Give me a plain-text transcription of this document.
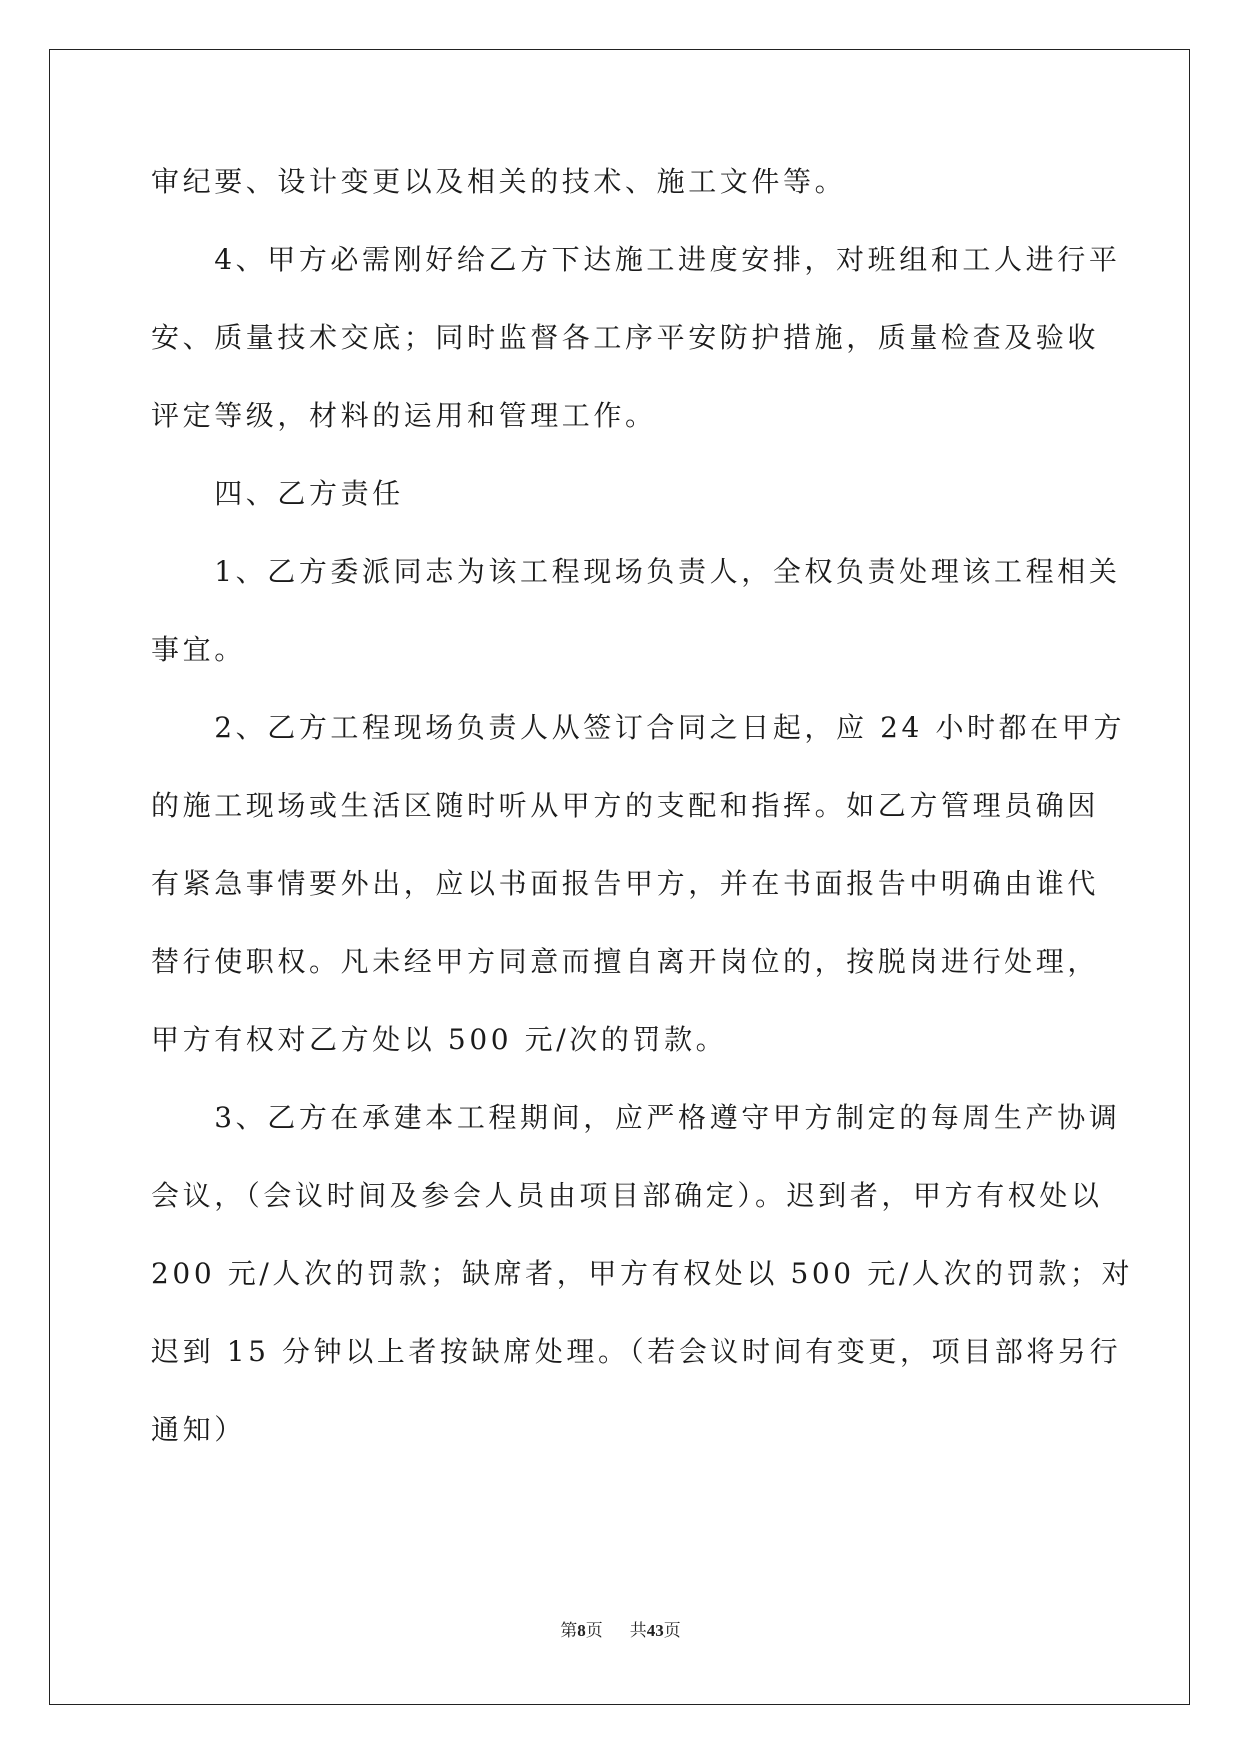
审纪要、设计变更以及相关的技术、施工文件等。
　　4、甲方必需刚好给乙方下达施工进度安排，对班组和工人进行平
安、质量技术交底；同时监督各工序平安防护措施，质量检查及验收
评定等级，材料的运用和管理工作。
　　四、乙方责任
　　1、乙方委派同志为该工程现场负责人，全权负责处理该工程相关
事宜。
　　2、乙方工程现场负责人从签订合同之日起，应 24 小时都在甲方
的施工现场或生活区随时听从甲方的支配和指挥。如乙方管理员确因
有紧急事情要外出，应以书面报告甲方，并在书面报告中明确由谁代
替行使职权。凡未经甲方同意而擅自离开岗位的，按脱岗进行处理，
甲方有权对乙方处以 500 元/次的罚款。
　　3、乙方在承建本工程期间，应严格遵守甲方制定的每周生产协调
会议，（会议时间及参会人员由项目部确定）。迟到者，甲方有权处以
200 元/人次的罚款；缺席者，甲方有权处以 500 元/人次的罚款；对
迟到 15 分钟以上者按缺席处理。（若会议时间有变更，项目部将另行
通知）
第8页 共43页
